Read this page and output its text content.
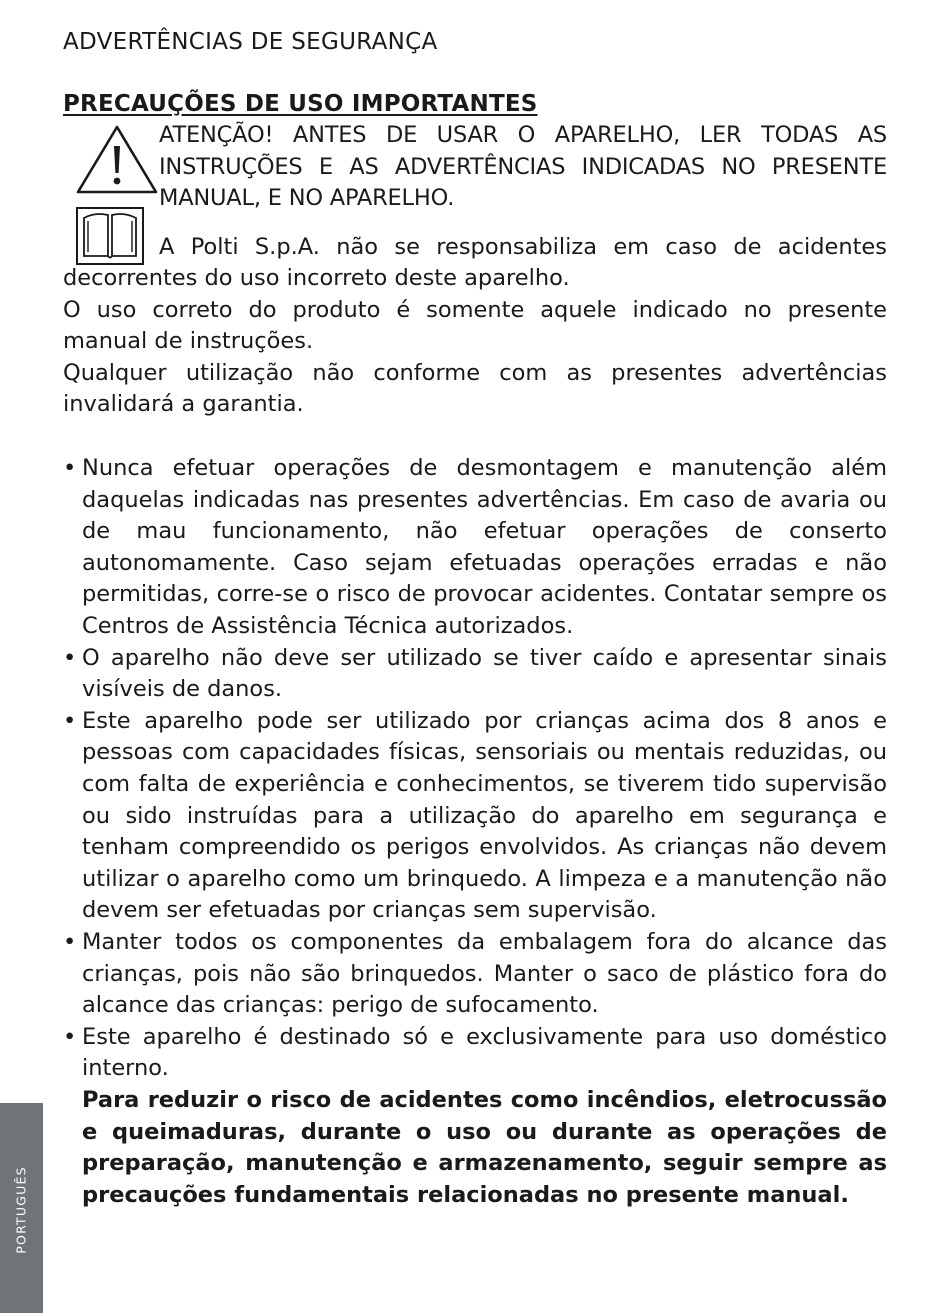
ADVERTÊNCIAS DE SEGURANÇA
PRECAUÇÕES DE USO IMPORTANTES

ATENÇÃO! ANTES DE USAR O APARELHO, LER TODAS AS INSTRUÇÕES E AS ADVERTÊNCIAS INDICADAS NO PRESENTE MANUAL, E NO APARELHO.

A Polti S.p.A. não se responsabiliza em caso de acidentes decorrentes do uso incorreto deste aparelho.

O uso correto do produto é somente aquele indicado no presente manual de instruções.

Qualquer utilização não conforme com as presentes advertências invalidará a garantia.

• Nunca efetuar operações de desmontagem e manutenção além daquelas indicadas nas presentes advertências. Em caso de avaria ou de mau funcionamento, não efetuar operações de conserto autonomamente. Caso sejam efetuadas operações erradas e não permitidas, corre-se o risco de provocar acidentes. Contatar sempre os Centros de Assistência Técnica autorizados.
• O aparelho não deve ser utilizado se tiver caído e apresentar sinais visíveis de danos.
• Este aparelho pode ser utilizado por crianças acima dos 8 anos e pessoas com capacidades físicas, sensoriais ou mentais reduzidas, ou com falta de experiência e conhecimentos, se tiverem tido supervisão ou sido instruídas para a utilização do aparelho em segurança e tenham compreendido os perigos envolvidos. As crianças não devem utilizar o aparelho como um brinquedo. A limpeza e a manutenção não devem ser efetuadas por crianças sem supervisão.
• Manter todos os componentes da embalagem fora do alcance das crianças, pois não são brinquedos. Manter o saco de plástico fora do alcance das crianças: perigo de sufocamento.
• Este aparelho é destinado só e exclusivamente para uso doméstico interno.
Para reduzir o risco de acidentes como incêndios, eletrocussão e queimaduras, durante o uso ou durante as operações de preparação, manutenção e armazenamento, seguir sempre as precauções fundamentais relacionadas no presente manual.
PORTUGUÊS
